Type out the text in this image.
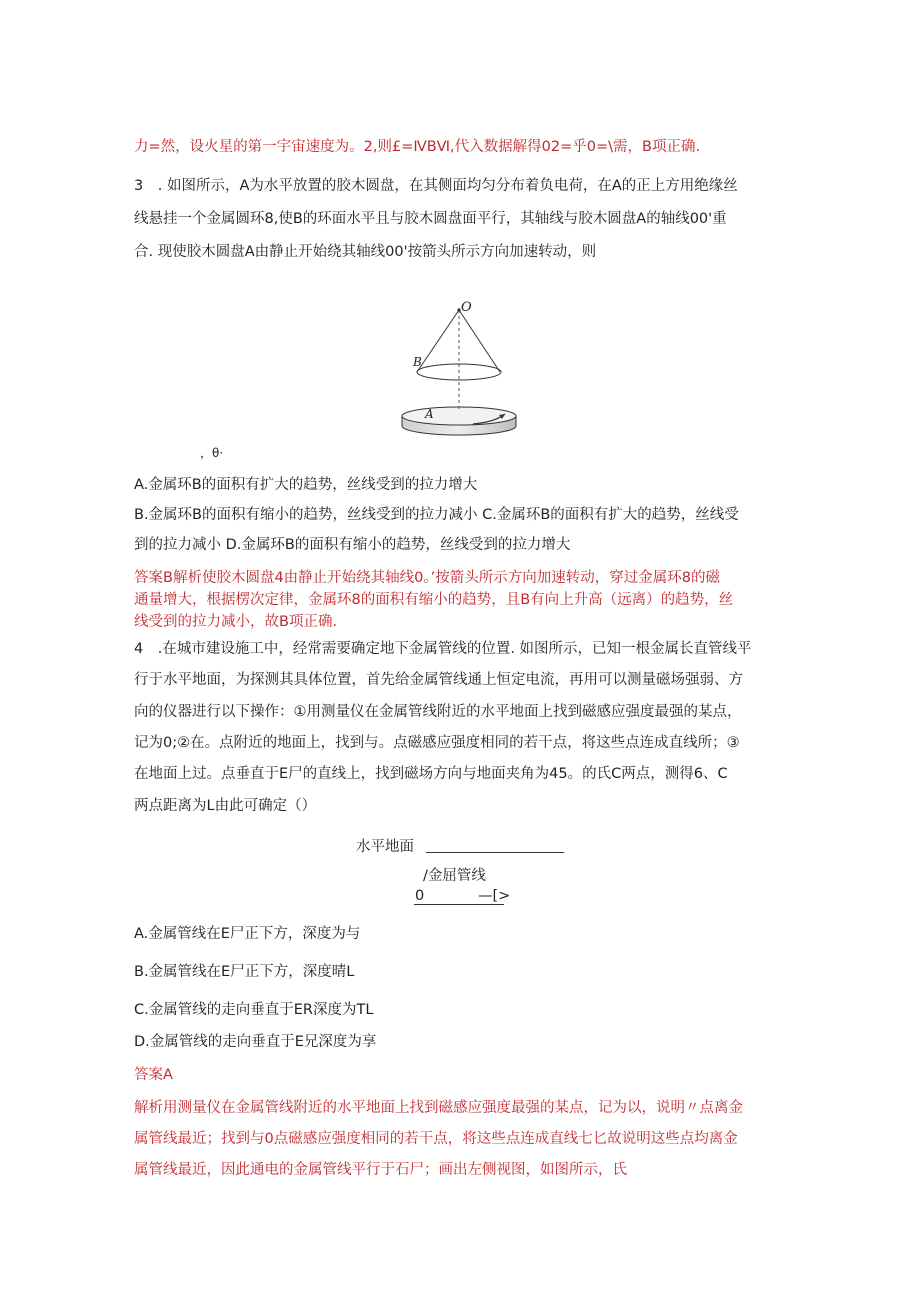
力=然，设火星的第一宇宙速度为。2,则£=ⅣBⅥ,代入数据解得02=乎0=\需，B项正确.
3　. 如图所示，A为水平放置的胶木圆盘，在其侧面均匀分布着负电荷，在A的正上方用绝缘丝
线悬挂一个金属圆环8,使B的环面水平且与胶木圆盘面平行，其轴线与胶木圆盘A的轴线00'重
合. 现使胶木圆盘A由静止开始绕其轴线00'按箭头所示方向加速转动，则
O
B
A
，θ·
A.金属环B的面积有扩大的趋势，丝线受到的拉力增大
B.金属环B的面积有缩小的趋势，丝线受到的拉力减小 C.金属环B的面积有扩大的趋势，丝线受
到的拉力减小 D.金属环B的面积有缩小的趋势，丝线受到的拉力增大
答案B解析使胶木圆盘4由静止开始绕其轴线0。’按箭头所示方向加速转动，穿过金属环8的磁
通量增大，根据楞次定律，金属环8的面积有缩小的趋势，且B有向上升高（远离）的趋势，丝
线受到的拉力减小，故B项正确.
4　.在城市建设施工中，经常需要确定地下金属管线的位置. 如图所示，已知一根金属长直管线平
行于水平地面，为探测其具体位置，首先给金属管线通上恒定电流，再用可以测量磁场强弱、方
向的仪器进行以下操作：①用测量仪在金属管线附近的水平地面上找到磁感应强度最强的某点，
记为0;②在。点附近的地面上，找到与。点磁感应强度相同的若干点，将这些点连成直线所；③
在地面上过。点垂直于E尸的直线上，找到磁场方向与地面夹角为45。的氏C两点，测得6、C
两点距离为L由此可确定（）
水平地面
/金屈管线
0	—[>
A.金属管线在E尸正下方，深度为与
B.金属管线在E尸正下方，深度晴L
C.金属管线的走向垂直于ER深度为TL
D.金属管线的走向垂直于E兄深度为享
答案A
解析用测量仪在金属管线附近的水平地面上找到磁感应强度最强的某点，记为以，说明〃点离金
属管线最近；找到与0点磁感应强度相同的若干点，将这些点连成直线七匕故说明这些点均离金
属管线最近，因此通电的金属管线平行于石尸；画出左侧视图，如图所示，氏
